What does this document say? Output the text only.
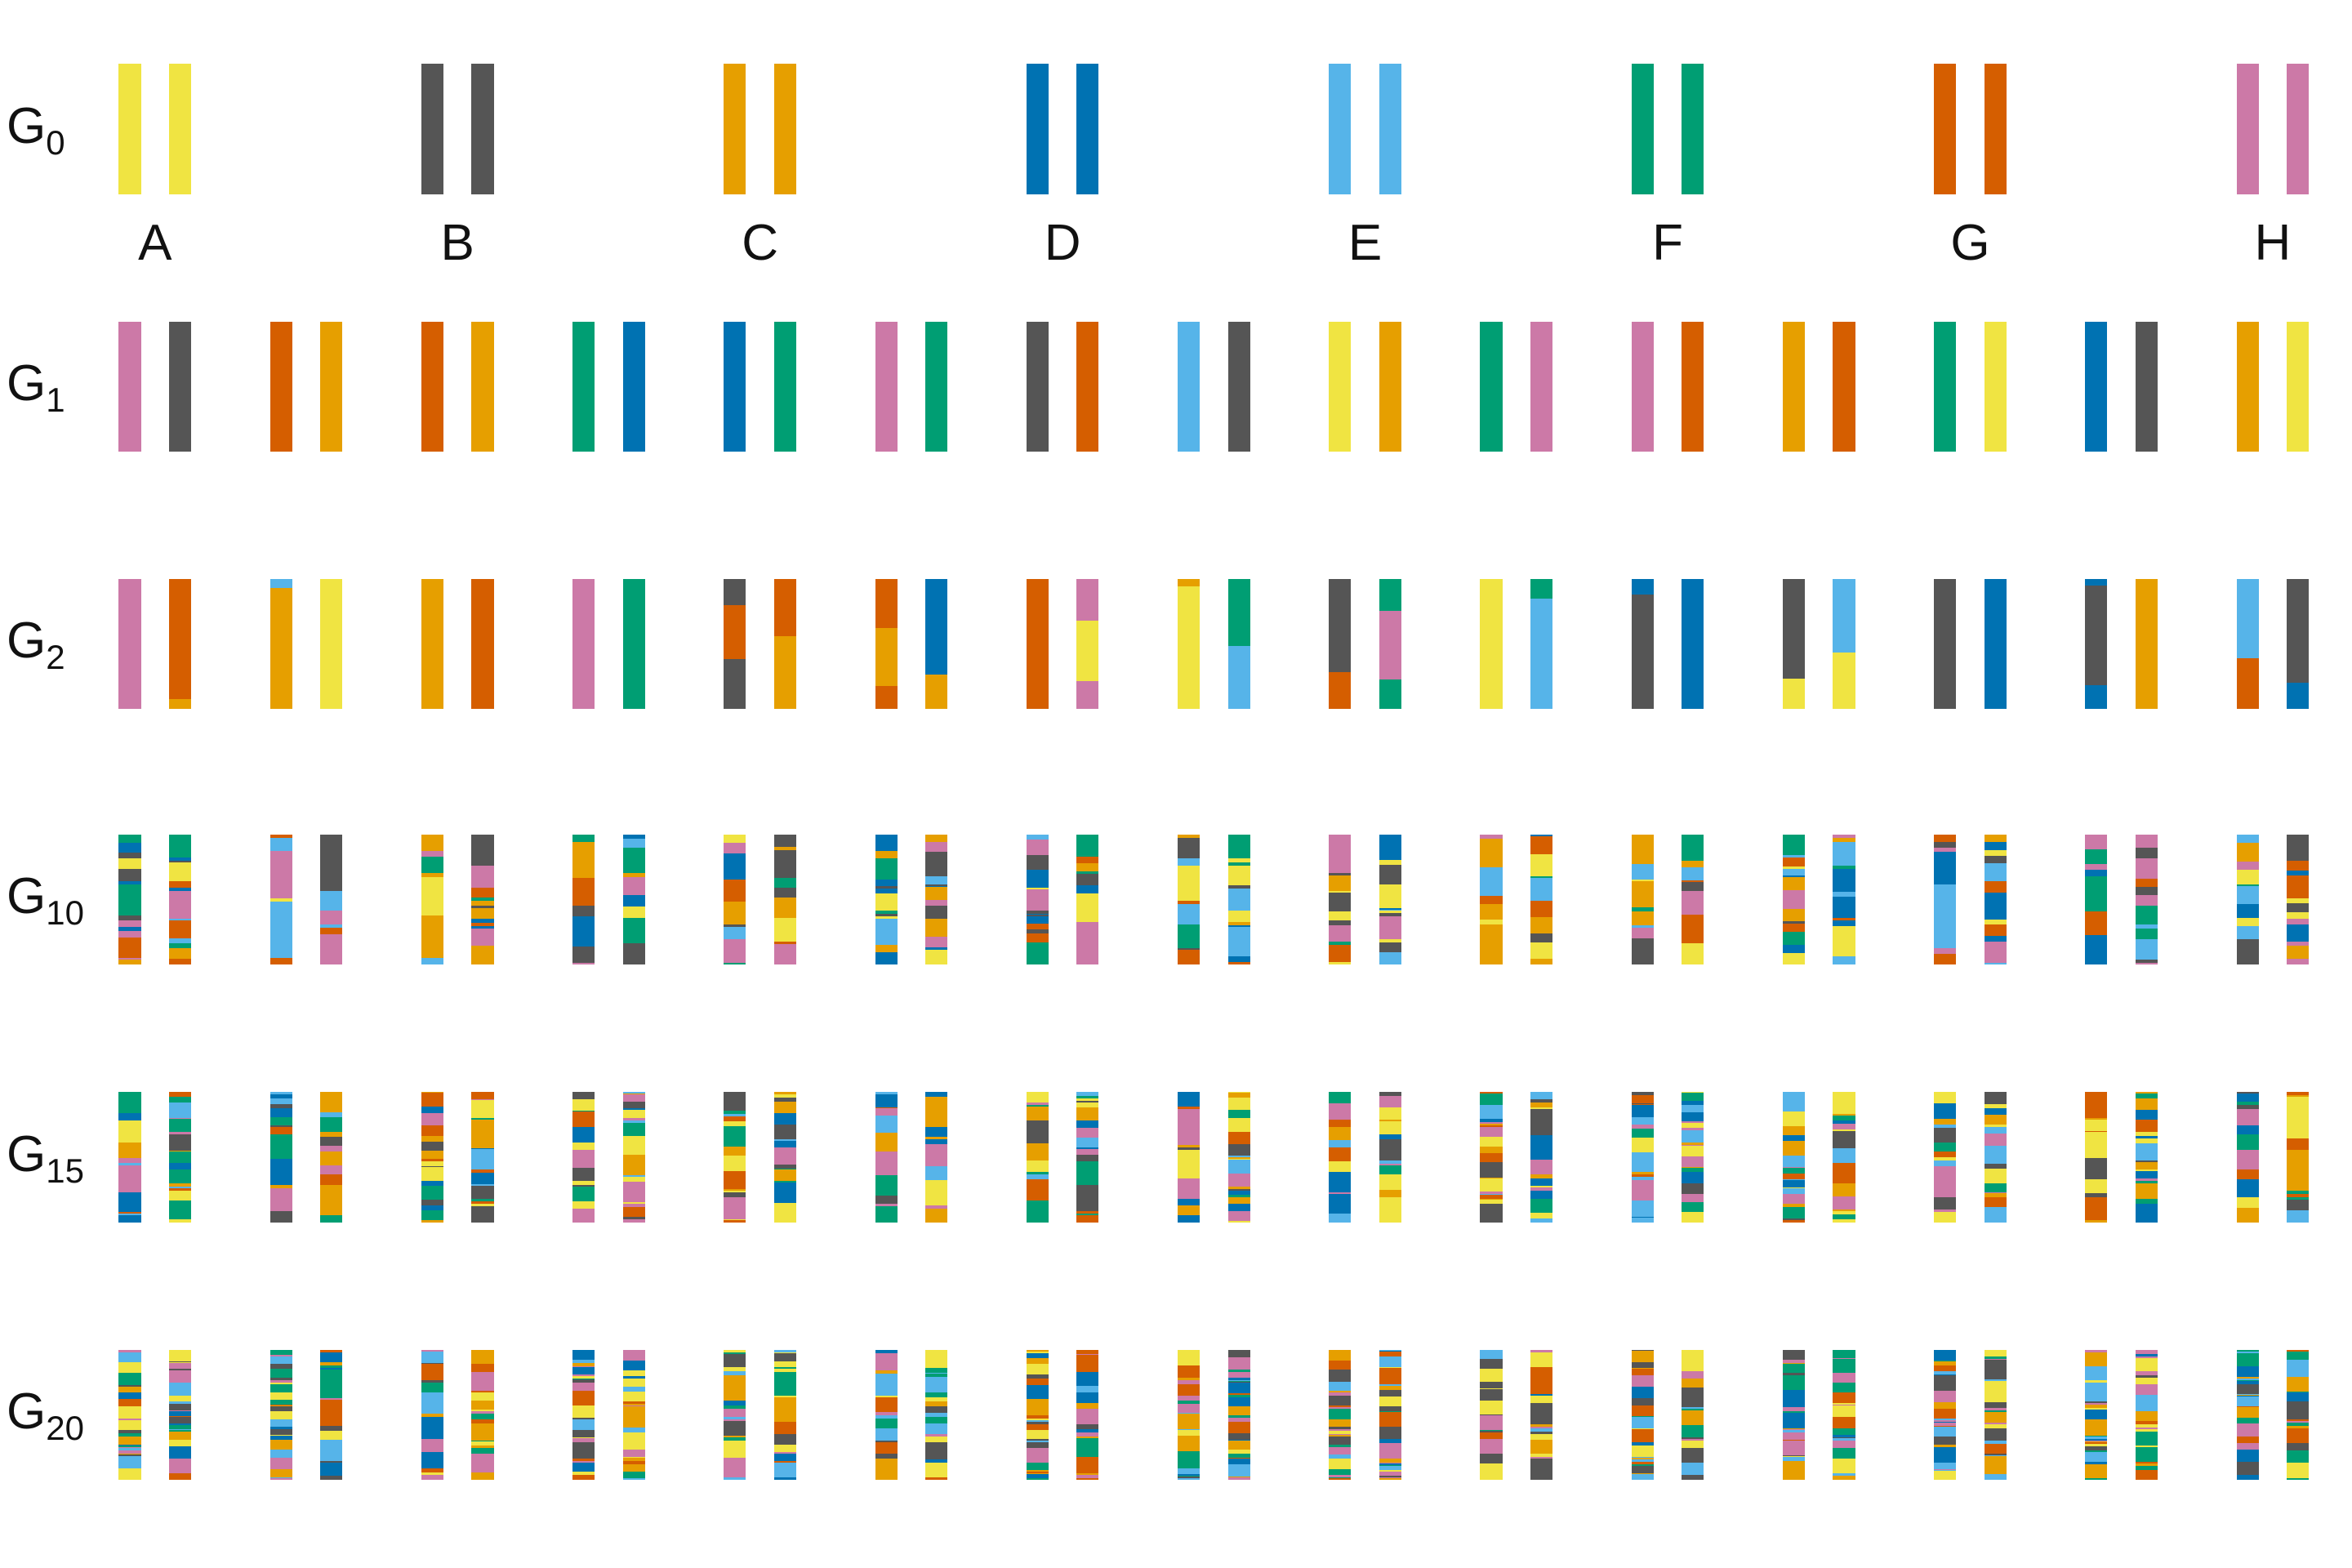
$G_0$
$G_1$
$G_2$
$G_{10}$
$G_{15}$
$G_{20}$
A	B	C	D	E	F	G	H
